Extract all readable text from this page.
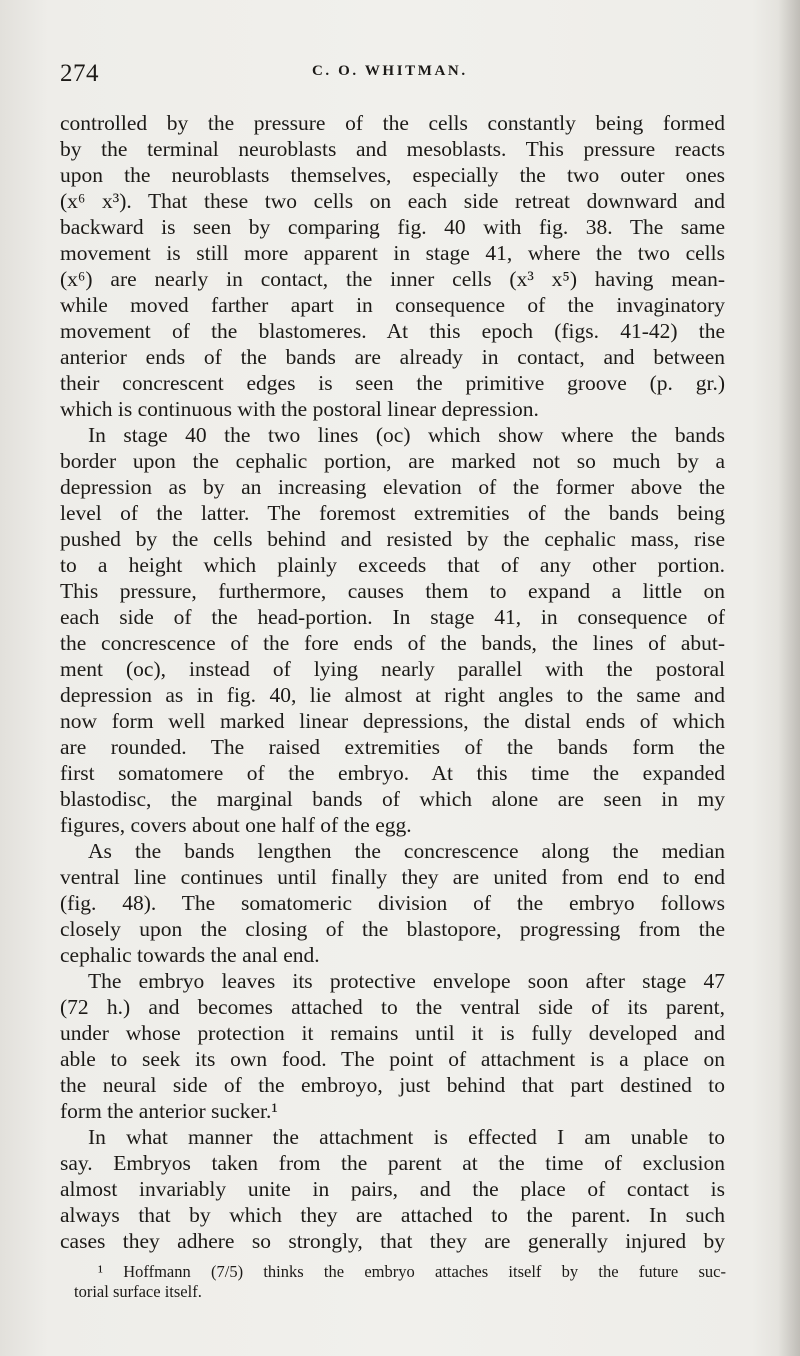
274	C. O. WHITMAN.

controlled by the pressure of the cells constantly being formed
by the terminal neuroblasts and mesoblasts. This pressure reacts
upon the neuroblasts themselves, especially the two outer ones
(x⁶ x³). That these two cells on each side retreat downward and
backward is seen by comparing fig. 40 with fig. 38. The same
movement is still more apparent in stage 41, where the two cells
(x⁶) are nearly in contact, the inner cells (x³ x⁵) having mean-
while moved farther apart in consequence of the invaginatory
movement of the blastomeres. At this epoch (figs. 41-42) the
anterior ends of the bands are already in contact, and between
their concrescent edges is seen the primitive groove (p. gr.)
which is continuous with the postoral linear depression.

In stage 40 the two lines (oc) which show where the bands
border upon the cephalic portion, are marked not so much by a
depression as by an increasing elevation of the former above the
level of the latter. The foremost extremities of the bands being
pushed by the cells behind and resisted by the cephalic mass, rise
to a height which plainly exceeds that of any other portion.
This pressure, furthermore, causes them to expand a little on
each side of the head-portion. In stage 41, in consequence of
the concrescence of the fore ends of the bands, the lines of abut-
ment (oc), instead of lying nearly parallel with the postoral
depression as in fig. 40, lie almost at right angles to the same and
now form well marked linear depressions, the distal ends of which
are rounded. The raised extremities of the bands form the
first somatomere of the embryo. At this time the expanded
blastodisc, the marginal bands of which alone are seen in my
figures, covers about one half of the egg.

As the bands lengthen the concrescence along the median
ventral line continues until finally they are united from end to end
(fig. 48). The somatomeric division of the embryo follows
closely upon the closing of the blastopore, progressing from the
cephalic towards the anal end.

The embryo leaves its protective envelope soon after stage 47
(72 h.) and becomes attached to the ventral side of its parent,
under whose protection it remains until it is fully developed and
able to seek its own food. The point of attachment is a place on
the neural side of the embroyo, just behind that part destined to
form the anterior sucker.¹

In what manner the attachment is effected I am unable to
say. Embryos taken from the parent at the time of exclusion
almost invariably unite in pairs, and the place of contact is
always that by which they are attached to the parent. In such
cases they adhere so strongly, that they are generally injured by

¹ Hoffmann (7/5) thinks the embryo attaches itself by the future suc-
torial surface itself.
